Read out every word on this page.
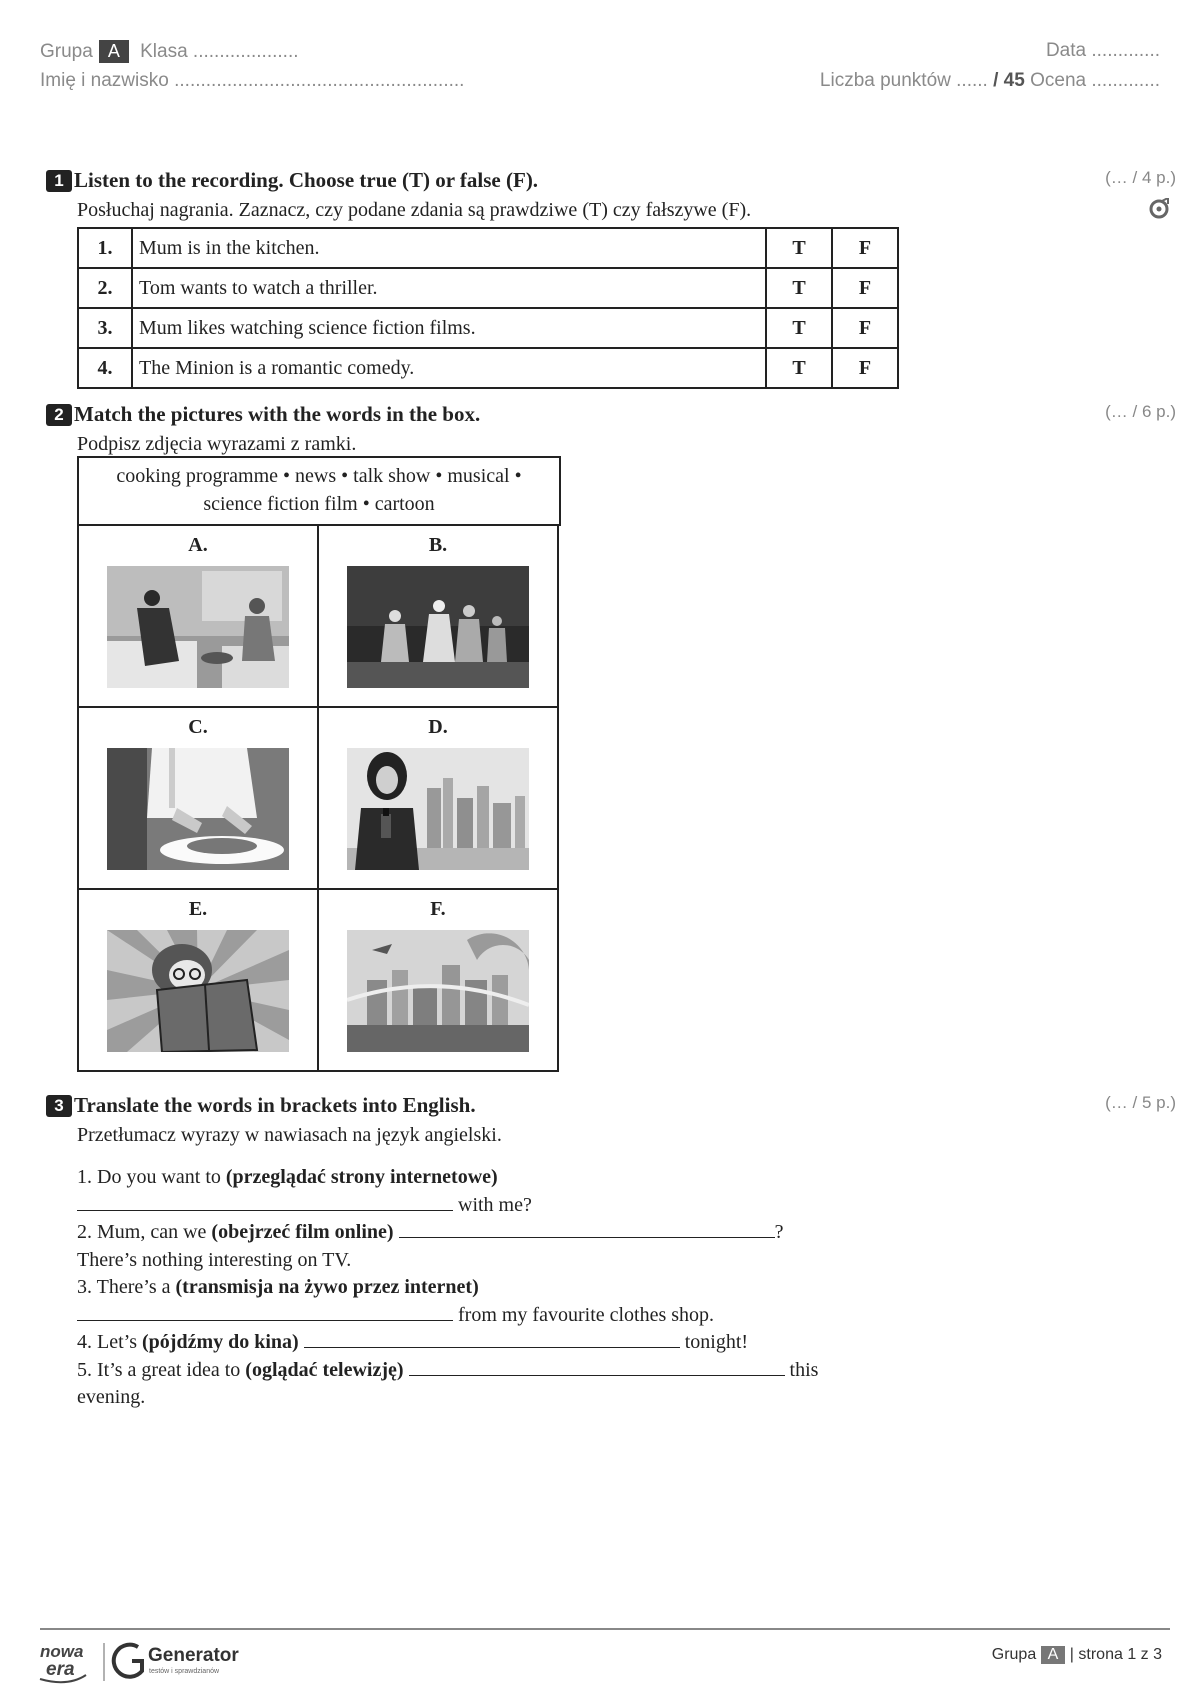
Grupa A Klasa ....................
Imię i nazwisko .......................................................
Data .............
Liczba punktów ...... / 45 Ocena .............
1 Listen to the recording. Choose true (T) or false (F).
Posłuchaj nagrania. Zaznacz, czy podane zdania są prawdziwe (T) czy fałszywe (F).
(… / 4 p.)
1.	Mum is in the kitchen.	T	F
2.	Tom wants to watch a thriller.	T	F
3.	Mum likes watching science fiction films.	T	F
4.	The Minion is a romantic comedy.	T	F
2 Match the pictures with the words in the box.
Podpisz zdjęcia wyrazami z ramki.
(… / 6 p.)
cooking programme • news • talk show • musical •
science fiction film • cartoon
A.	B.

C.	D.

E.	F.
3 Translate the words in brackets into English.
Przetłumacz wyrazy w nawiasach na język angielski.
(… / 5 p.)
1. Do you want to (przeglądać strony internetowe)
with me?
2. Mum, can we (obejrzeć film online)	?
There’s nothing interesting on TV.
3. There’s a (transmisja na żywo przez internet)
from my favourite clothes shop.
4. Let’s (pójdźmy do kina)	tonight!
5. It’s a great idea to (oglądać telewizję)	this
evening.
nowa
era
Generator
testów i sprawdzianów
Grupa A | strona 1 z 3
